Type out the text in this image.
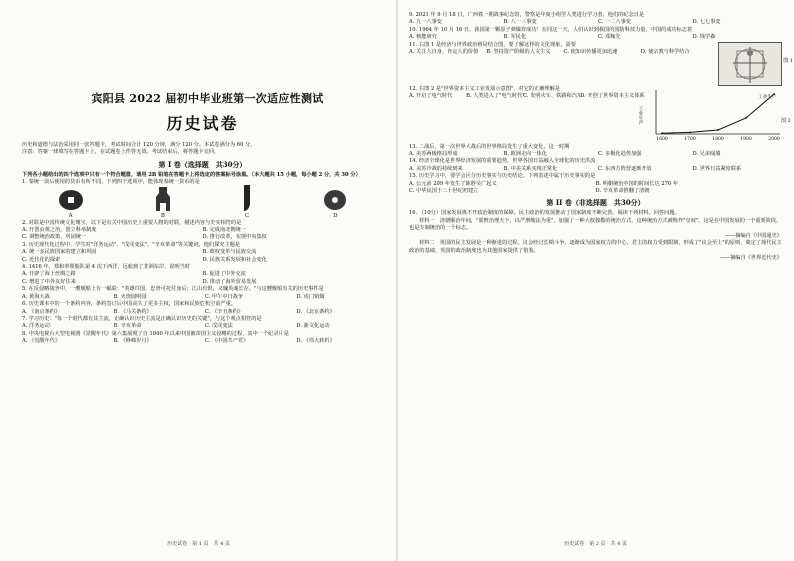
宾阳县 2022 届初中毕业班第一次适应性测试
历史试卷
历史和道德与法治采用同一张答题卡，考试时间合计 120 分钟，满分 120 分。本试卷满分为 60 分。
注意：答案一律填写在答题卡上，在试题卷上作答无效。考试结束后，将答题卡交回。
第 I 卷（选择题　共30分）
下列各小题给出的四个选项中只有一个符合题意，请用 2B 铅笔在答题卡上将选定的答案标号涂黑。（本大题共 15 小题，每小题 2 分，共 30 分）
1. 秦统一前后使用的货币有所不同。下列四个选项中，能体现秦统一货币的是
A	B	C	D
2. 对联是中国传统文化瑰宝，以下是有关中国历史上重要人物的对联，描述内容与史实相符的是
A. 开创贞观之治，创立科举制度	B. 完成南北朝统一
C. 调整统治政策，巩固统一	D. 推行改革，实现中央集权
3. 历史现代化过程中，学生对"洋务运动"、"戊戌变法"、"辛亥革命"等关键词，他们探究主题是
A. 统一多民族国家的建立和巩固	B. 政权变革与民族交流
C. 近代化的探索	D. 民族关系发展和社会变化
4. 1416 年，郑和率领船队第 4 次下西洋，远航到了非洲东岸，说明当时
A. 开辟了海上丝绸之路	B. 促进了中外交流
C. 增进了中外友好往来	D. 推动了海外贸易发展
5. 在反侵略战争中，一艘舰船上有一幅联："英雄许国，忠骨可托付身后；江山有恨，义魄英魂长存。"与这艘舰船有关的历史事件是
A. 黄海大战	B. 火烧圆明园	C. 甲午中日战争	D. 虎门销烟
6. 历史课本中的一个条约内容，条约签订后中国丧失了更多主权，国家和民族危机空前严重。
A. 《南京条约》	B. 《马关条约》	C. 《辛丑条约》	D. 《北京条约》
7. 学习历史："每一个时代都有其主流，正确认识历史主流是正确认识历史的关键"，与这个观点相符的是
A. 洋务运动	B. 辛亥革命	C. 戊戌变法	D. 新文化运动
8. 中央电视台大型电视剧《觉醒年代》第六集展现了自 1840 年以来中国被帝国主义侵略的过程，其中一个纪录片是
A. 《觉醒年代》	B. 《峥嵘岁月》	C. 《中国共产党》	D. 《伟大转折》
历史试卷　第 1 页　共 4 页
9. 2021 年 9 月 18 日，广西铁一期战事纪念馆，警察是年度小组学人类进行学习者，他们的纪念日是
A. 九一八事变	B. 八一三事变	C. 一二八事变	D. 七七事变
10. 1964 年 10 月 16 日，我国第一颗原子弹爆炸成功！在同这一天，人们认识到我国的国防科技力量，中国的成功标志着
A. 核能研究	B. 军民化	C. 邓稼先	D. 钱学森
11. 右图 1 是经济与世界政治格局结合图，要了解这样的文化现象，需要
A. 关注人自身，肯定人的价值	B. 坚持资产阶级的人文主义	C. 使知识传播更加迅速	D. 使宗教与科学结合
图 1
12. 右图 2 是"世界资本主义工业发展示意图"，对它的正确理解是
A. 开启了电气时代	B. 人类进入了"电气时代"
C. 发明火车、铁路和汽车
D. 开创了世界资本主义体系
1600	1700	1800	1900	2000
工业生产
工业生产
图 2
13. 二战后，第一次世界大战后的世界格局发生了重大变化，这一时期
A. 美苏两极格局形成	B. 欧洲走向一体化	C. 多极化趋势加强	D. 兄弟阋墙
14. 经济全球化是世界经济发展的重要趋势，世界各国日益融入全球化的历史洪流
A. 美苏冷战的持续到来	B. 中美关系实现正常化	C. 东西方阵营逐渐开放	D. 世界日益紧密联系
15. 历史学习中，要学会区分历史事实与历史结论。下列表述中属于历史事实的是
A. 公元前 209 年发生了陈胜吴广起义	B. 明朝统治中国的时间长达 270 年
C. 中华民国于二十世纪初建立	D. 辛亥革命推翻了清朝
第 II 卷（非选择题　共30分）
16. （10分）国家发展离不开政治制度的保障。民主政治的发展推动了国家制度不断完善。阅读下列材料，回答问题。
材料一　清朝顺治年间，"朕惟治理天下，以严刑峻法为重"，加强了一种大权独揽的统治方式，这种统治方式被称作"皇权"。这是在中国发展的一个重要阶段，也是专制统治的一个标志。
——摘编自《中国通史》
材料二　英国的民主发展是一种渐进的过程。议会经过长期斗争，逐渐成为国家权力的中心，君主的权力受到限制，形成了"议会至上"的原则，奠定了现代民主政治的基础，英国的政治制度也为其他国家提供了借鉴。
——摘编自《世界近代史》
历史试卷　第 2 页　共 4 页
